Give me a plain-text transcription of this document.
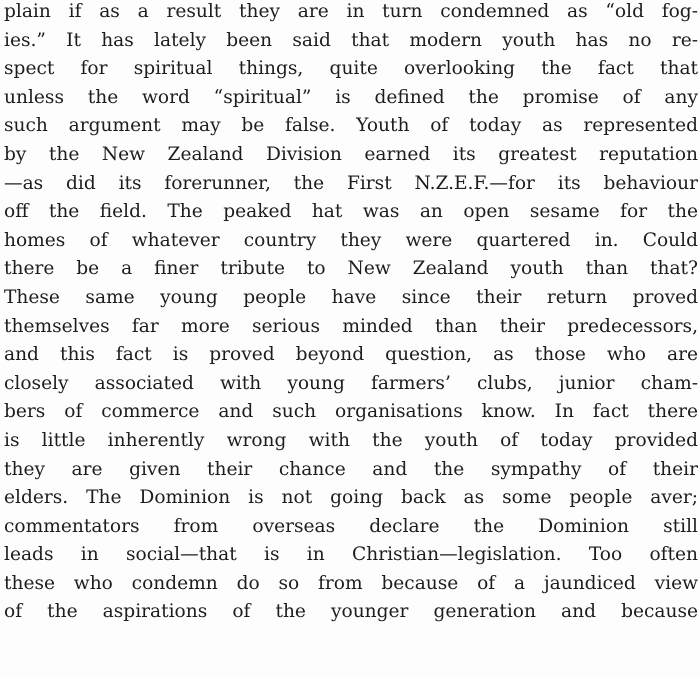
plain if as a result they are in turn condemned as “old fog-
ies.” It has lately been said that modern youth has no re-
spect for spiritual things, quite overlooking the fact that
unless the word “spiritual” is defined the promise of any
such argument may be false. Youth of today as represented
by the New Zealand Division earned its greatest reputation
—as did its forerunner, the First N.Z.E.F.—for its behaviour
off the field. The peaked hat was an open sesame for the
homes of whatever country they were quartered in. Could
there be a finer tribute to New Zealand youth than that?
These same young people have since their return proved
themselves far more serious minded than their predecessors,
and this fact is proved beyond question, as those who are
closely associated with young farmers’ clubs, junior cham-
bers of commerce and such organisations know. In fact there
is little inherently wrong with the youth of today provided
they are given their chance and the sympathy of their
elders. The Dominion is not going back as some people aver;
commentators from overseas declare the Dominion still
leads in social—that is in Christian—legislation. Too often
these who condemn do so from because of a jaundiced view
of the aspirations of the younger generation and because
